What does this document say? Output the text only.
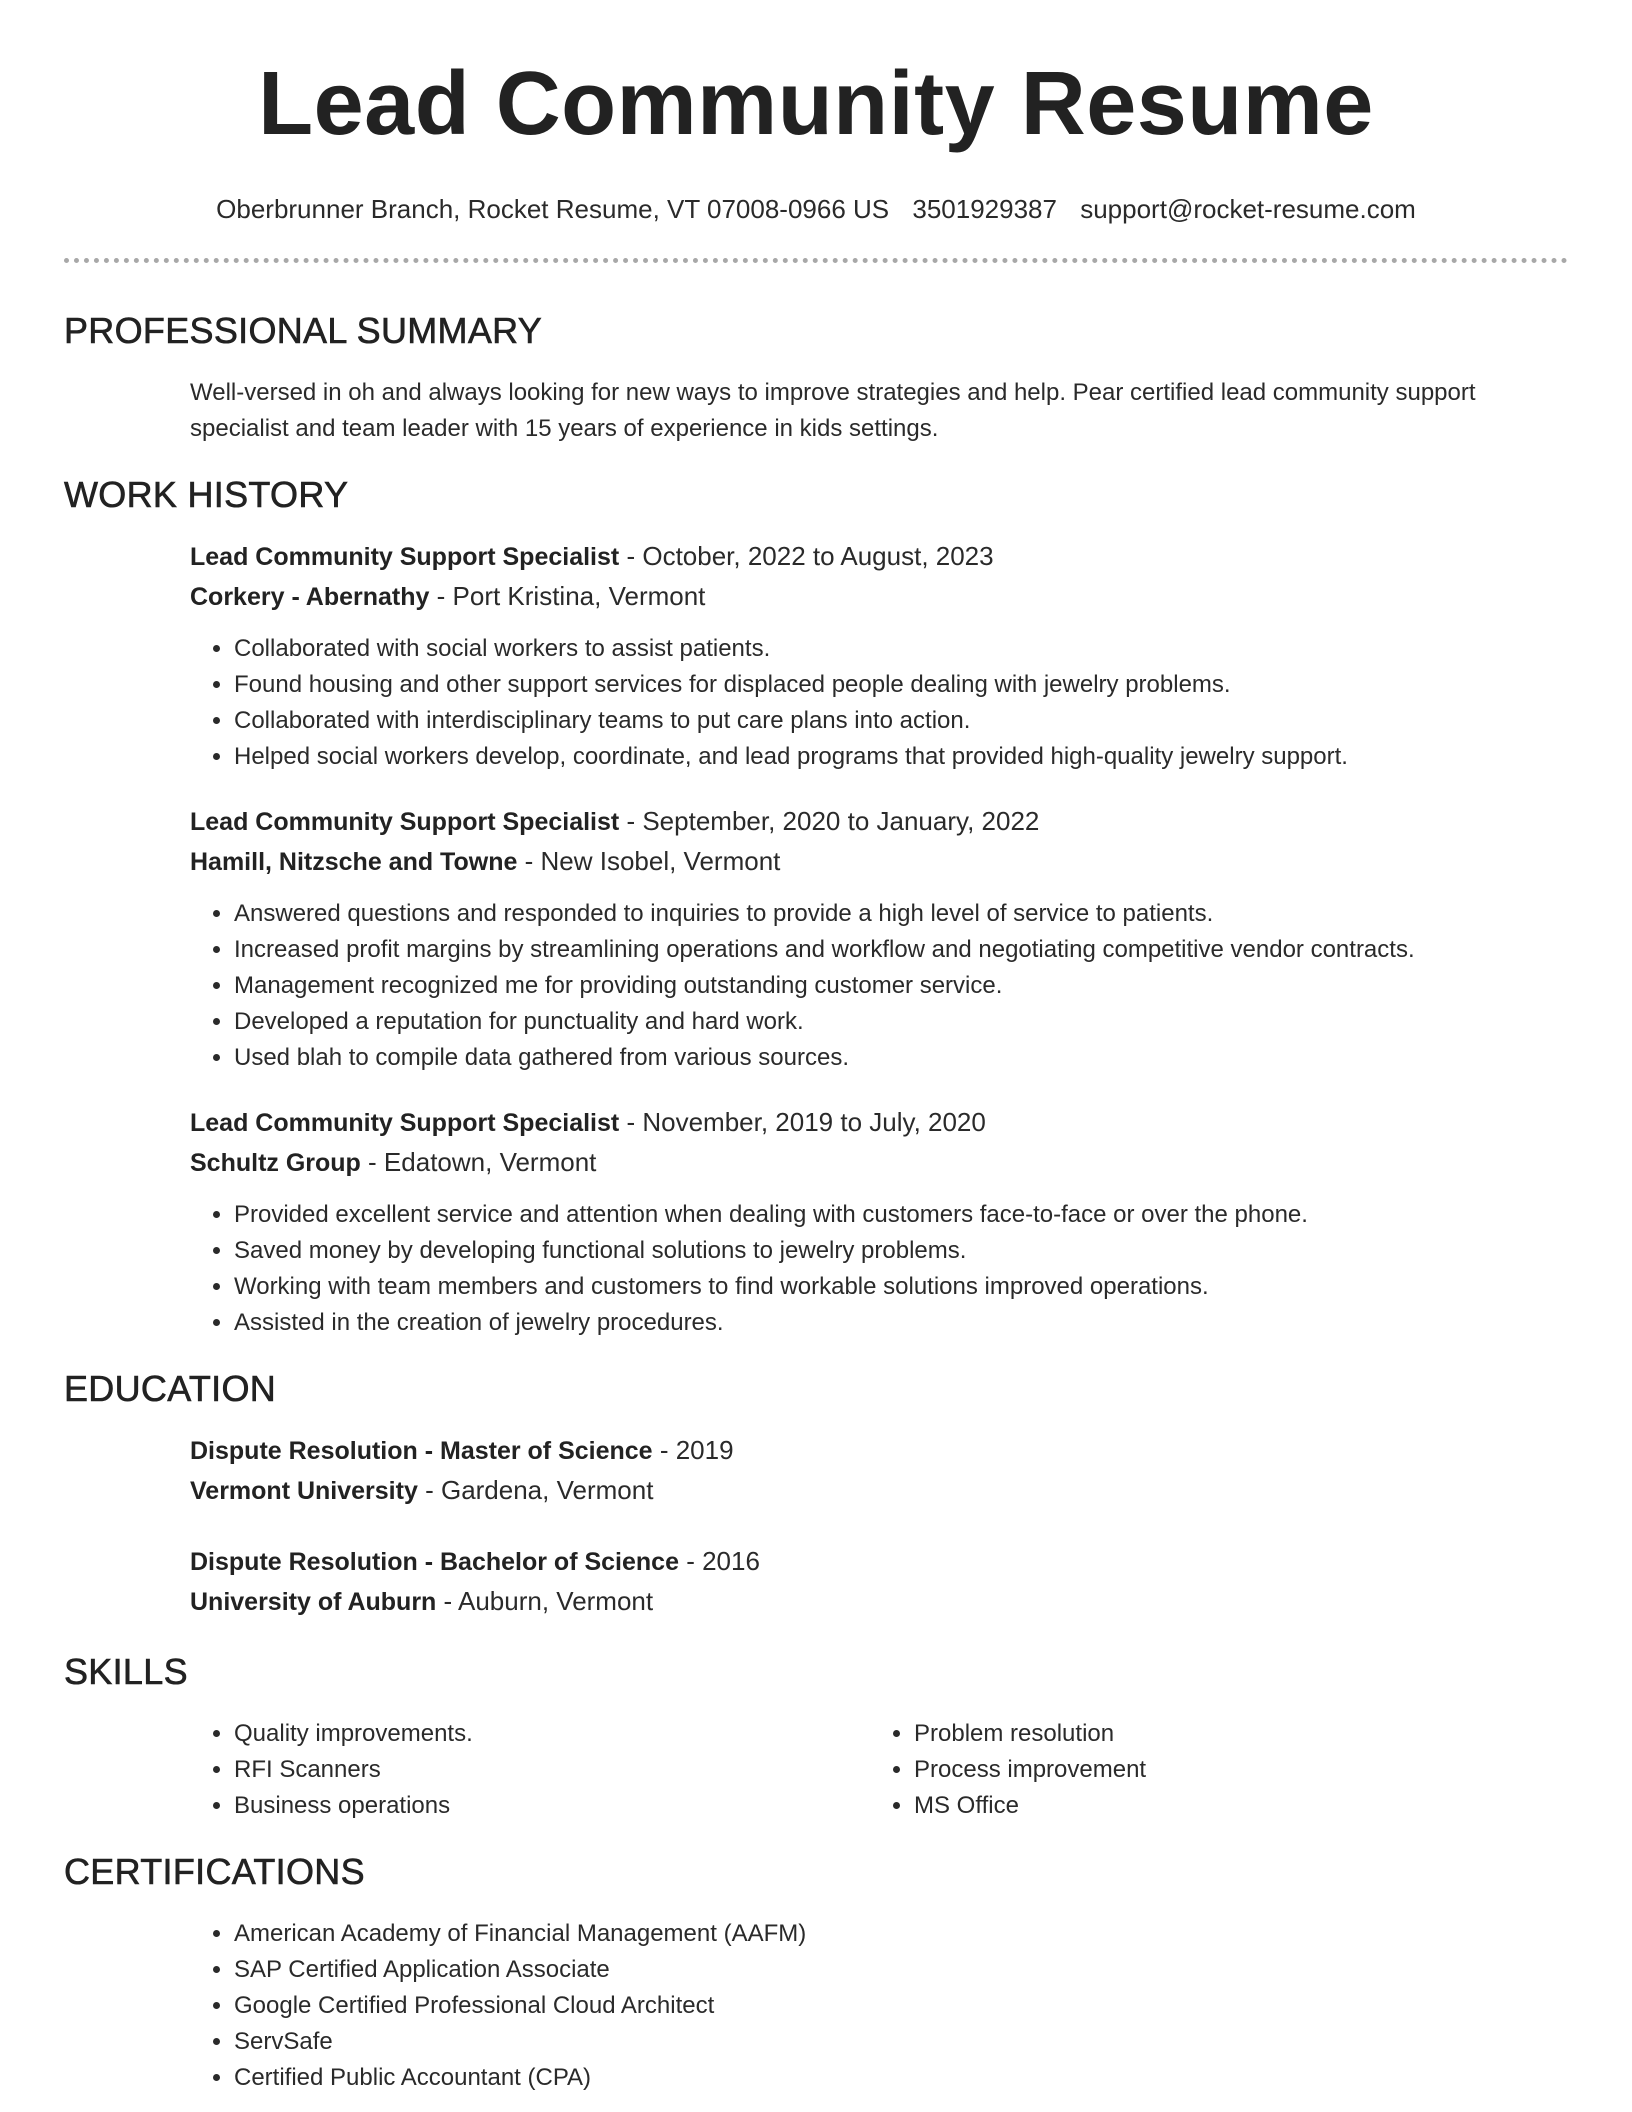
Lead Community Resume
Oberbrunner Branch, Rocket Resume, VT 07008-0966 US 3501929387 support@rocket-resume.com
PROFESSIONAL SUMMARY
Well-versed in oh and always looking for new ways to improve strategies and help. Pear certified lead community support specialist and team leader with 15 years of experience in kids settings.
WORK HISTORY
Lead Community Support Specialist - October, 2022 to August, 2023
Corkery - Abernathy - Port Kristina, Vermont
• Collaborated with social workers to assist patients.
• Found housing and other support services for displaced people dealing with jewelry problems.
• Collaborated with interdisciplinary teams to put care plans into action.
• Helped social workers develop, coordinate, and lead programs that provided high-quality jewelry support.
Lead Community Support Specialist - September, 2020 to January, 2022
Hamill, Nitzsche and Towne - New Isobel, Vermont
• Answered questions and responded to inquiries to provide a high level of service to patients.
• Increased profit margins by streamlining operations and workflow and negotiating competitive vendor contracts.
• Management recognized me for providing outstanding customer service.
• Developed a reputation for punctuality and hard work.
• Used blah to compile data gathered from various sources.
Lead Community Support Specialist - November, 2019 to July, 2020
Schultz Group - Edatown, Vermont
• Provided excellent service and attention when dealing with customers face-to-face or over the phone.
• Saved money by developing functional solutions to jewelry problems.
• Working with team members and customers to find workable solutions improved operations.
• Assisted in the creation of jewelry procedures.
EDUCATION
Dispute Resolution - Master of Science - 2019
Vermont University - Gardena, Vermont
Dispute Resolution - Bachelor of Science - 2016
University of Auburn - Auburn, Vermont
SKILLS
• Quality improvements.
• RFI Scanners
• Business operations
• Problem resolution
• Process improvement
• MS Office
CERTIFICATIONS
• American Academy of Financial Management (AAFM)
• SAP Certified Application Associate
• Google Certified Professional Cloud Architect
• ServSafe
• Certified Public Accountant (CPA)
